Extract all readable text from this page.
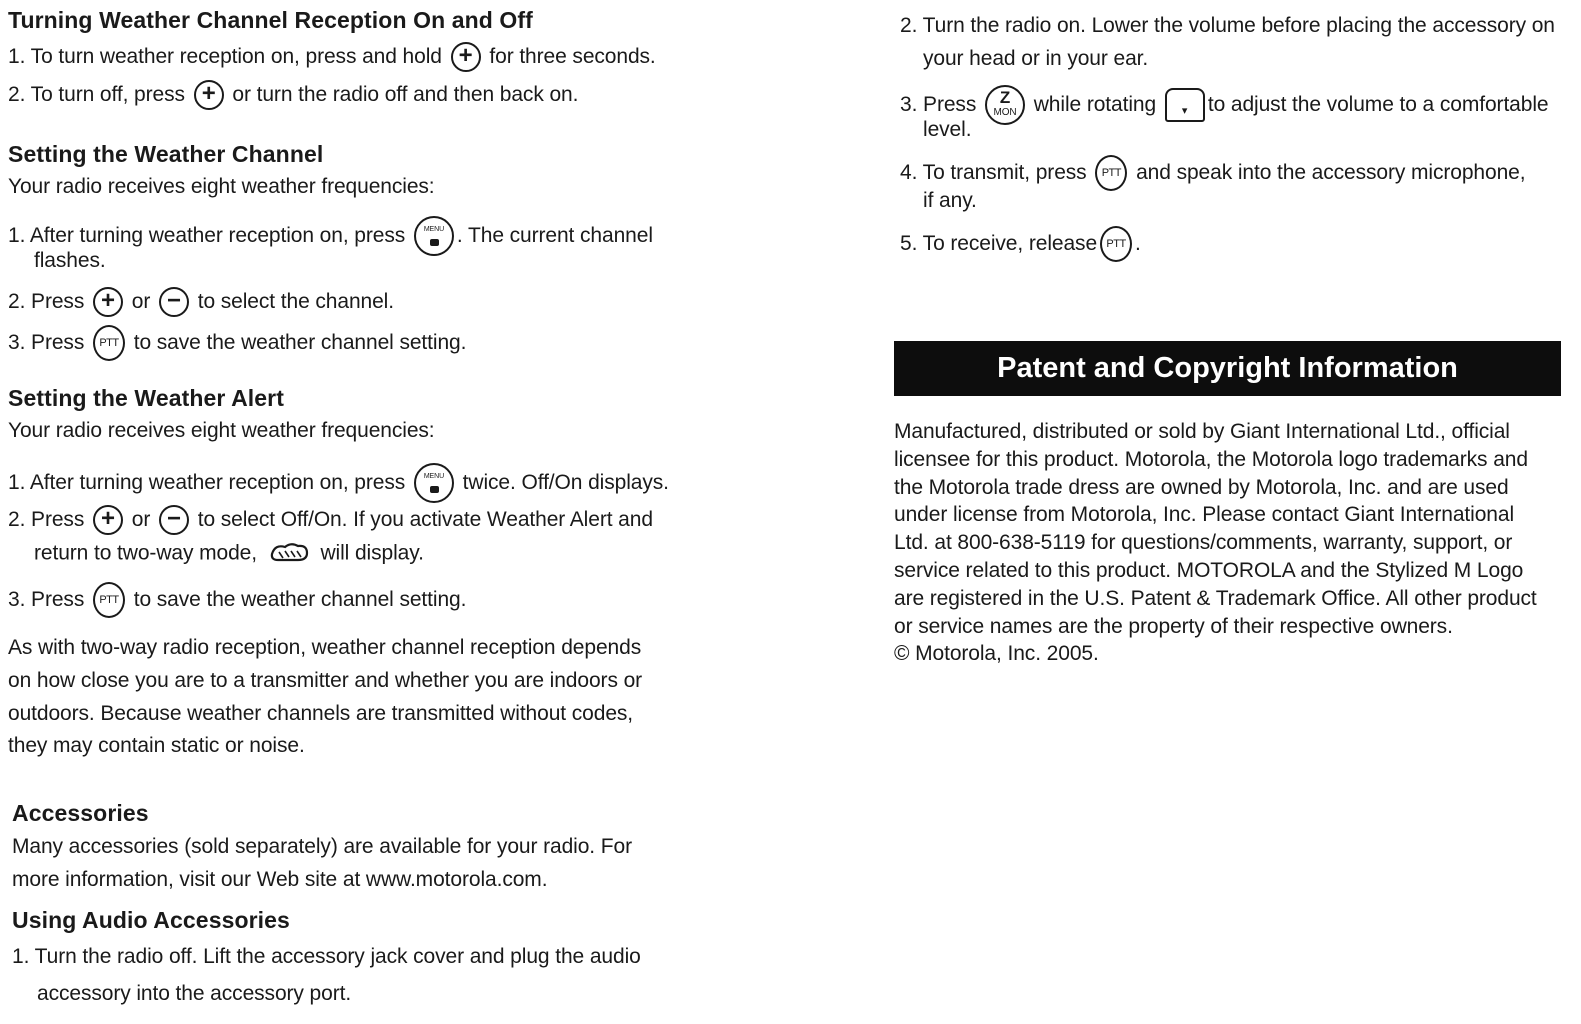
Turning Weather Channel Reception On and Off
1. To turn weather reception on, press and hold + for three seconds.
2. To turn off, press + or turn the radio off and then back on.
Setting the Weather Channel
Your radio receives eight weather frequencies:
1. After turning weather reception on, press	MENU . The current channel
flashes.
2. Press + or − to select the channel.
3. Press PTT to save the weather channel setting.
Setting the Weather Alert
Your radio receives eight weather frequencies:
1. After turning weather reception on, press	MENU twice. Off/On displays.
2. Press + or − to select Off/On. If you activate Weather Alert and
return to two-way mode,	will display.
3. Press PTT to save the weather channel setting.
As with two-way radio reception, weather channel reception depends
on how close you are to a transmitter and whether you are indoors or
outdoors. Because weather channels are transmitted without codes,
they may contain static or noise.
Accessories
Many accessories (sold separately) are available for your radio. For
more information, visit our Web site at www.motorola.com.
Using Audio Accessories
1. Turn the radio off. Lift the accessory jack cover and plug the audio
accessory into the accessory port.
2. Turn the radio on. Lower the volume before placing the accessory on
your head or in your ear.
3. Press	Z
MON while rotating ▾ to adjust the volume to a comfortable
level.
4. To transmit, press PTT and speak into the accessory microphone,
if any.
5. To receive, release PTT .
Patent and Copyright Information
Manufactured, distributed or sold by Giant International Ltd., official
licensee for this product. Motorola, the Motorola logo trademarks and
the Motorola trade dress are owned by Motorola, Inc. and are used
under license from Motorola, Inc. Please contact Giant International
Ltd. at 800-638-5119 for questions/comments, warranty, support, or
service related to this product. MOTOROLA and the Stylized M Logo
are registered in the U.S. Patent & Trademark Office. All other product
or service names are the property of their respective owners.
© Motorola, Inc. 2005.
